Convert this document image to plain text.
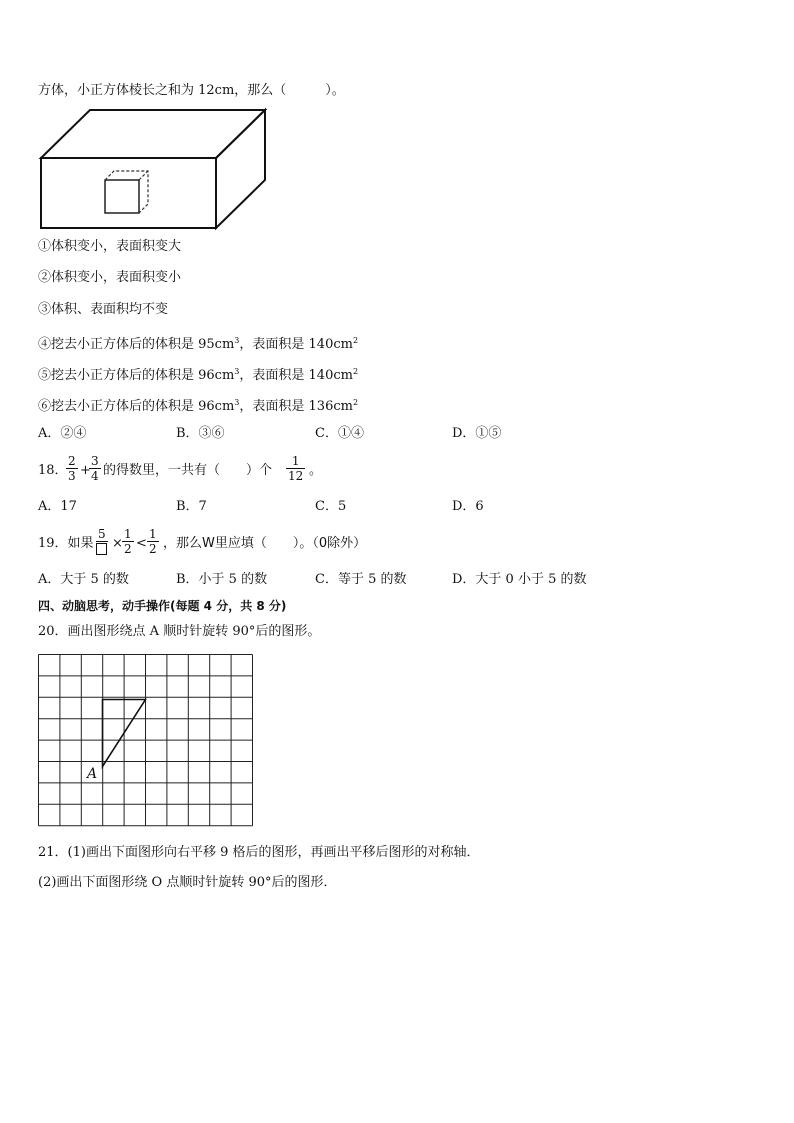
方体，小正方体棱长之和为 12cm，那么（　　　）。
①体积变小，表面积变大
②体积变小，表面积变小
③体积、表面积均不变
④挖去小正方体后的体积是 $95cm^3$，表面积是 $140cm^2$
⑤挖去小正方体后的体积是 $96cm^3$，表面积是 $140cm^2$
⑥挖去小正方体后的体积是 $96cm^3$，表面积是 $136cm^2$
A．②④	B．③⑥	C．①④	D．①⑤
18．
2
3 +
3
4 的得数里，一共有（　　）个
1
12 。
A．17	B．7	C．5	D．6
19．如果
5
×
1
2 <
1
2 ，那么W里应填（　　）。（0除外）
A．大于 5 的数	B．小于 5 的数	C．等于 5 的数	D．大于 0 小于 5 的数
四、动脑思考，动手操作(每题 4 分，共 8 分)
20．画出图形绕点 A 顺时针旋转 90°后的图形。
A
21．(1)画出下面图形向右平移 9 格后的图形，再画出平移后图形的对称轴．
(2)画出下面图形绕 O 点顺时针旋转 90°后的图形．
